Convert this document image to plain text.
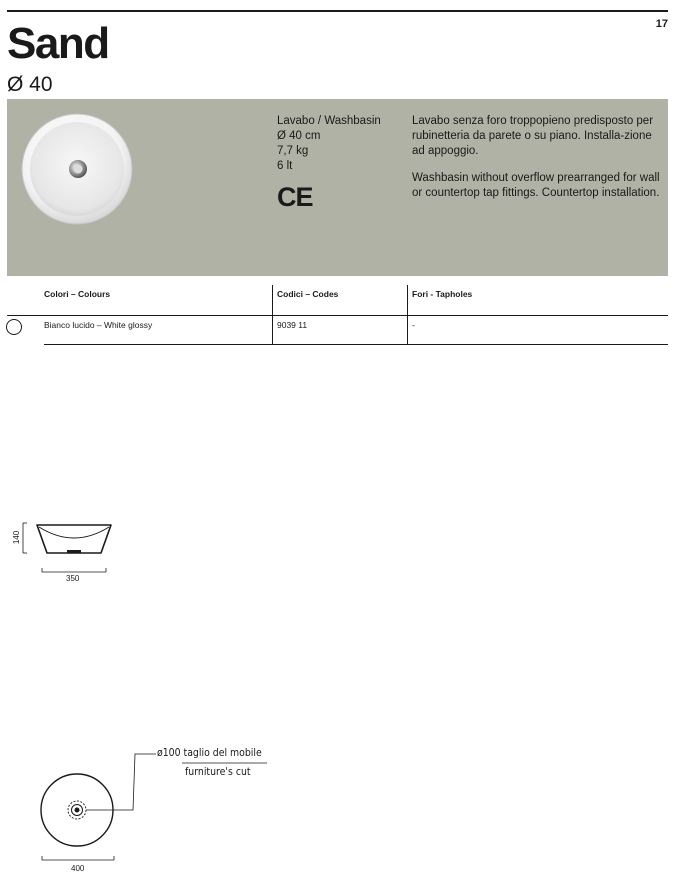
17
Sand
Ø 40
Lavabo / Washbasin
Ø 40 cm
7,7 kg
6 lt
CE

Lavabo senza foro troppopieno predisposto per rubinetteria da parete o su piano. Installa-zione ad appoggio.

Washbasin without overflow prearranged for wall or countertop tap fittings. Countertop installation.

Colori – Colours	Codici – Codes	Fori - Tapholes
Bianco lucido – White glossy	9039 11	-
140
350
ø100 taglio del mobile
furniture's cut
400
